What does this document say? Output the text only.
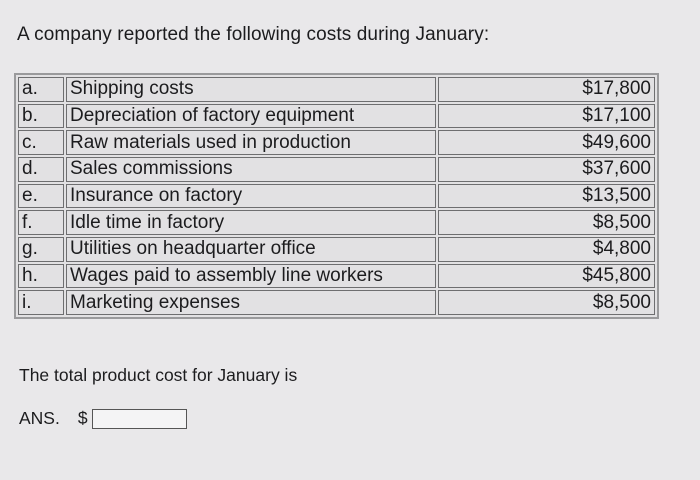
A company reported the following costs during January:
a.	Shipping costs	$17,800
b.	Depreciation of factory equipment	$17,100
c.	Raw materials used in production	$49,600
d.	Sales commissions	$37,600
e.	Insurance on factory	$13,500
f.	Idle time in factory	$8,500
g.	Utilities on headquarter office	$4,800
h.	Wages paid to assembly line workers	$45,800
i.	Marketing expenses	$8,500
The total product cost for January is
ANS. $
